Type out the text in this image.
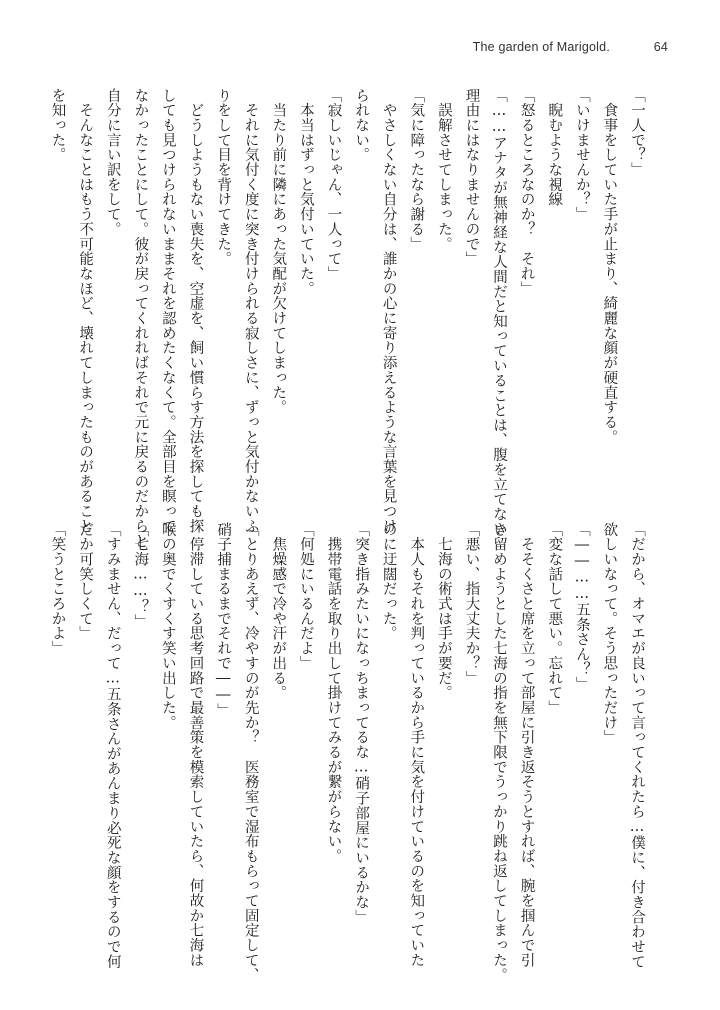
The garden of Marigold.	64
「一人で？」
　食事をしていた手が止まり、綺麗な顔が硬直する。
「いけませんか？」
　睨むような視線
「怒るところなのか？　それ」
「……アナタが無神経な人間だと知っていることは、腹を立てない
理由にはなりませんので」
　誤解させてしまった。
「気に障ったなら謝る」
　やさしくない自分は、誰かの心に寄り添えるような言葉を見つけ
られない。
「寂しいじゃん、一人って」
　本当はずっと気付いていた。
　当たり前に隣にあった気配が欠けてしまった。
　それに気付く度に突き付けられる寂しさに、ずっと気付かないふ
りをして目を背けてきた。
　どうしようもない喪失を、空虚を、飼い慣らす方法を探しても探
しても見つけられないままそれを認めたくなくて。全部目を瞑って
なかったことにして。彼が戻ってくれればそれで元に戻るのだからと
自分に言い訳をして。
　そんなことはもう不可能なほど、壊れてしまったものがあること
を知った。
「だから、オマエが良いって言ってくれたら…僕に、付き合わせて
欲しいなって。そう思っただけ」
「――……五条さん？」
「変な話して悪い。忘れて」
　そそくさと席を立って部屋に引き返そうとすれば、腕を掴んで引
き留めようとした七海の指を無下限でうっかり跳ね返してしまった。
「悪い、指大丈夫か？」
　七海の術式は手が要だ。
　本人もそれを判っているから手に気を付けているのを知っていた
のに迂闊だった。
「突き指みたいになっちまってるな…硝子部屋にいるかな」
　携帯電話を取り出して掛けてみるが繋がらない。
「何処にいるんだよ」
　焦燥感で冷や汗が出る。
「とりあえず、冷やすのが先か？　医務室で湿布もらって固定して、
硝子捕まるまでそれで――」
　停滞している思考回路で最善策を模索していたら、何故か七海は
喉の奥でくすくす笑い出した。
「七海……？」
「すみません、だって…五条さんがあんまり必死な顔をするので何
だか可笑しくて」
「笑うところかよ」
